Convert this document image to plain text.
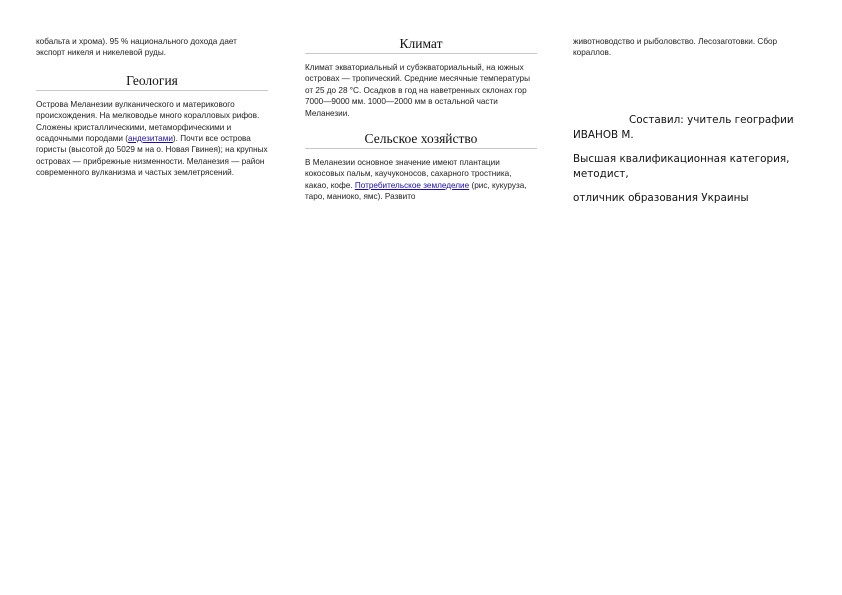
кобальта и хрома). 95 % национального дохода дает экспорт никеля и никелевой руды.

Геология

Острова Меланезии вулканического и материкового происхождения. На мелководье много коралловых рифов. Сложены кристаллическими, метаморфическими и осадочными породами (андезитами). Почти все острова гористы (высотой до 5029 м на о. Новая Гвинея); на крупных островах — прибрежные низменности. Меланезия — район современного вулканизма и частых землетрясений.

Климат

Климат экваториальный и субэкваториальный, на южных островах — тропический. Средние месячные температуры от 25 до 28 °C. Осадков в год на наветренных склонах гор 7000—9000 мм. 1000—2000 мм в остальной части Меланезии.

Сельское хозяйство

В Меланезии основное значение имеют плантации кокосовых пальм, каучуконосов, сахарного тростника, какао, кофе. Потребительское земледелие (рис, кукуруза, таро, маниоко, ямс). Развито

животноводство и рыболовство. Лесозаготовки. Сбор кораллов.

Составил: учитель географии

ИВАНОВ М.

Высшая квалификационная категория, методист,

отличник образования Украины
